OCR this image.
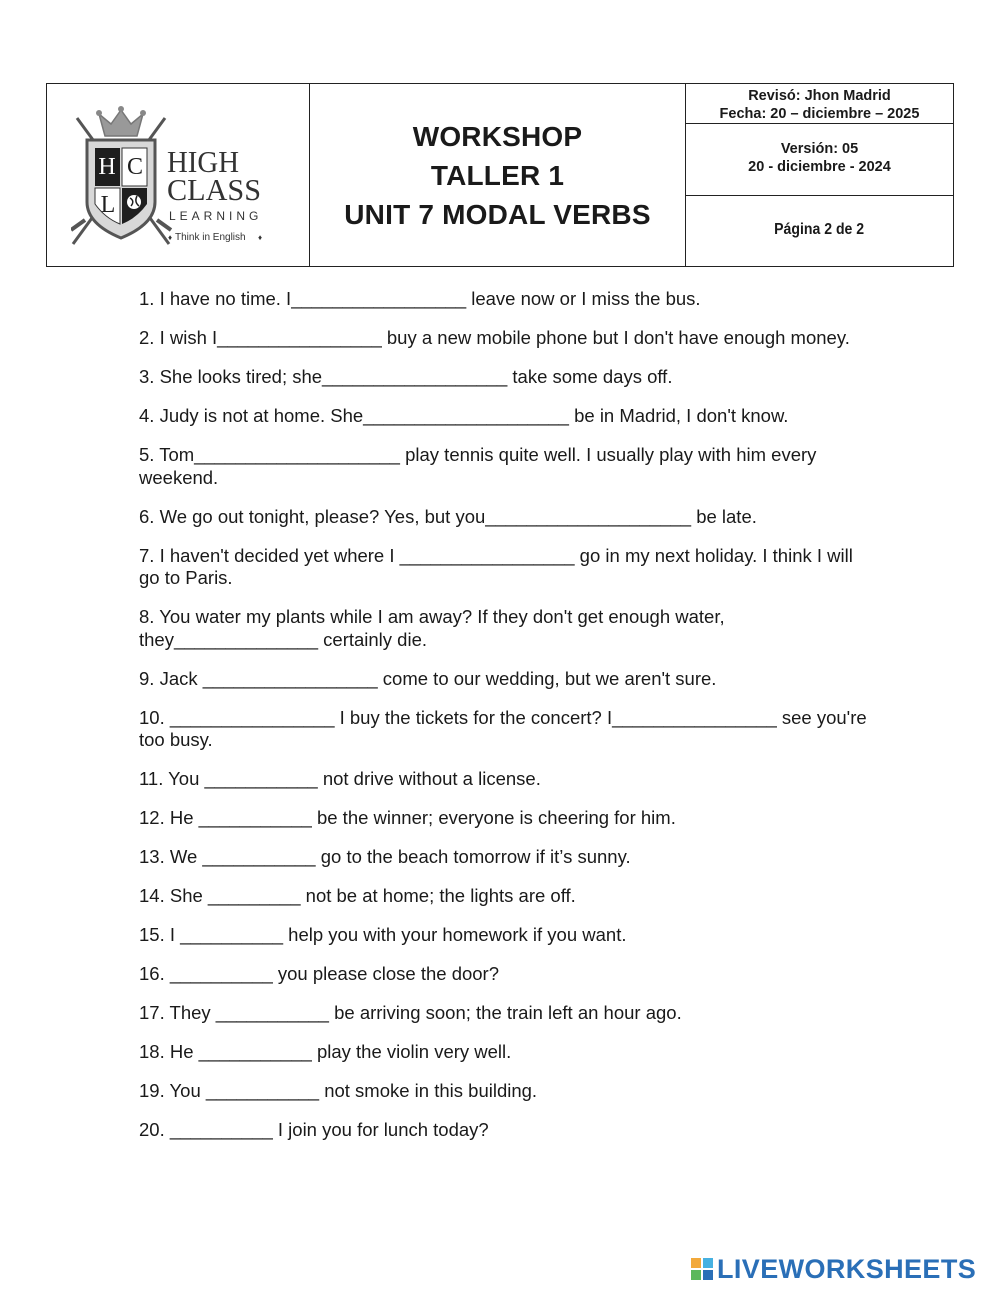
H C
L
HIGH
CLASS
LEARNING
Think in English
♦	♦
WORKSHOP
TALLER 1
UNIT 7 MODAL VERBS
Revisó: Jhon Madrid
Fecha: 20 – diciembre – 2025
Versión: 05
20 - diciembre - 2024
Página 2 de 2

1. I have no time. I_________________ leave now or I miss the bus.

2. I wish I________________ buy a new mobile phone but I don't have enough money.

3. She looks tired; she__________________ take some days off.

4. Judy is not at home. She____________________ be in Madrid, I don't know.

5. Tom____________________ play tennis quite well. I usually play with him every weekend.

6. We go out tonight, please? Yes, but you____________________ be late.

7. I haven't decided yet where I _________________ go in my next holiday. I think I will go to Paris.

8. You water my plants while I am away? If they don't get enough water, they______________ certainly die.

9. Jack _________________ come to our wedding, but we aren't sure.

10. ________________ I buy the tickets for the concert? I________________ see you're too busy.

11. You ___________ not drive without a license.

12. He ___________ be the winner; everyone is cheering for him.

13. We ___________ go to the beach tomorrow if it’s sunny.

14. She _________ not be at home; the lights are off.

15. I __________ help you with your homework if you want.

16. __________ you please close the door?

17. They ___________ be arriving soon; the train left an hour ago.

18. He ___________ play the violin very well.

19. You ___________ not smoke in this building.

20. __________ I join you for lunch today?

LIVEWORKSHEETS
